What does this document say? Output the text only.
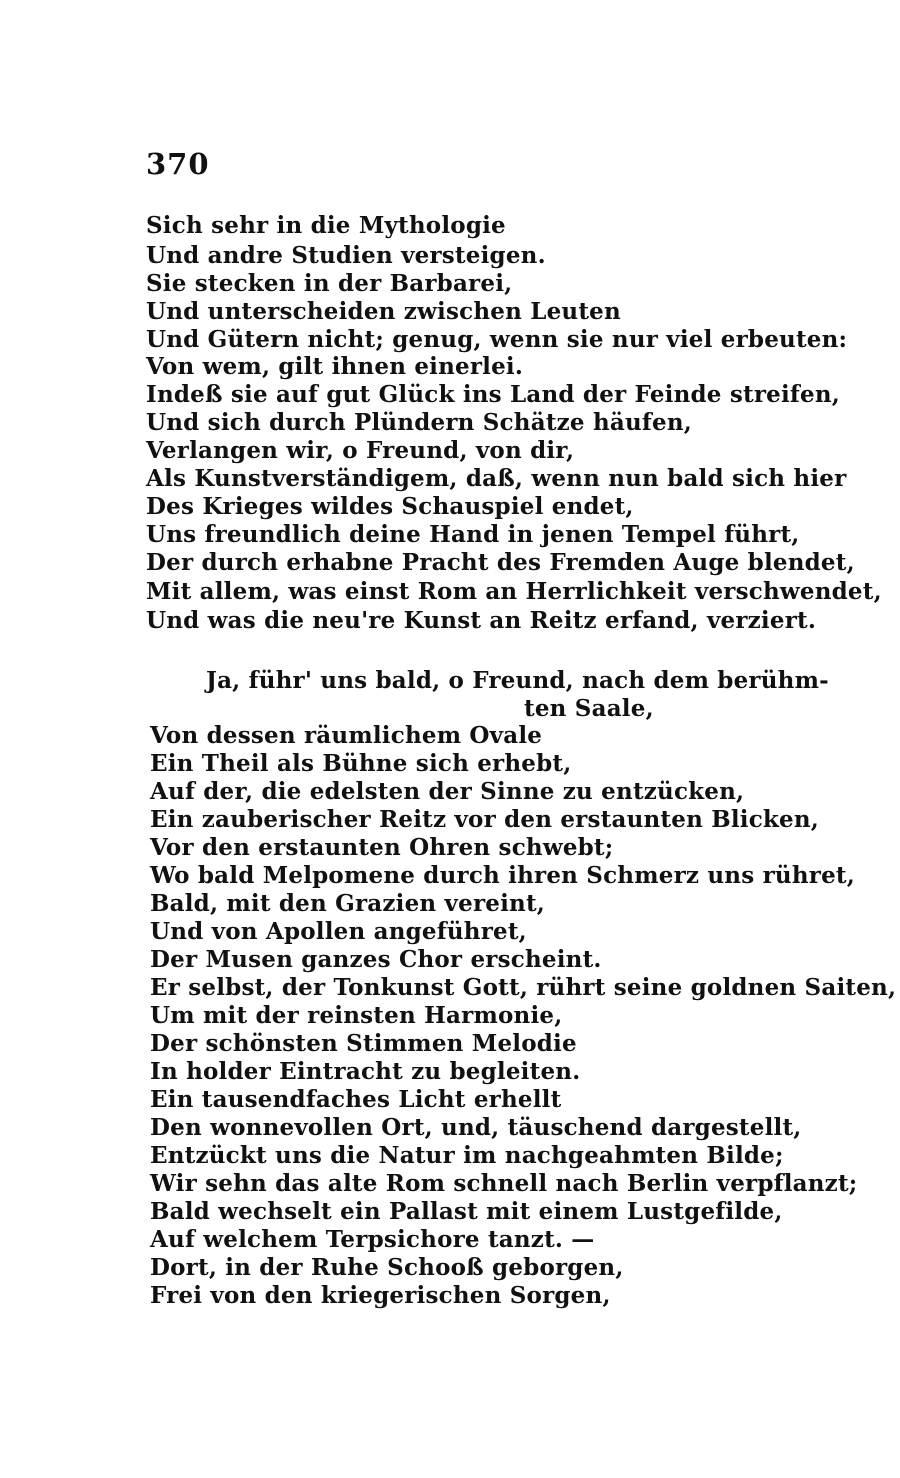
370
Sich sehr in die Mythologie
Und andre Studien versteigen.
Sie stecken in der Barbarei,
Und unterscheiden zwischen Leuten
Und Gütern nicht; genug, wenn sie nur viel erbeuten:
Von wem, gilt ihnen einerlei.
Indeß sie auf gut Glück ins Land der Feinde streifen,
Und sich durch Plündern Schätze häufen,
Verlangen wir, o Freund, von dir,
Als Kunstverständigem, daß, wenn nun bald sich hier
Des Krieges wildes Schauspiel endet,
Uns freundlich deine Hand in jenen Tempel führt,
Der durch erhabne Pracht des Fremden Auge blendet,
Mit allem, was einst Rom an Herrlichkeit verschwendet,
Und was die neu're Kunst an Reitz erfand, verziert.
Ja, führ' uns bald, o Freund, nach dem berühm-
ten Saale,
Von dessen räumlichem Ovale
Ein Theil als Bühne sich erhebt,
Auf der, die edelsten der Sinne zu entzücken,
Ein zauberischer Reitz vor den erstaunten Blicken,
Vor den erstaunten Ohren schwebt;
Wo bald Melpomene durch ihren Schmerz uns rühret,
Bald, mit den Grazien vereint,
Und von Apollen angeführet,
Der Musen ganzes Chor erscheint.
Er selbst, der Tonkunst Gott, rührt seine goldnen Saiten,
Um mit der reinsten Harmonie,
Der schönsten Stimmen Melodie
In holder Eintracht zu begleiten.
Ein tausendfaches Licht erhellt
Den wonnevollen Ort, und, täuschend dargestellt,
Entzückt uns die Natur im nachgeahmten Bilde;
Wir sehn das alte Rom schnell nach Berlin verpflanzt;
Bald wechselt ein Pallast mit einem Lustgefilde,
Auf welchem Terpsichore tanzt. —
Dort, in der Ruhe Schooß geborgen,
Frei von den kriegerischen Sorgen,
